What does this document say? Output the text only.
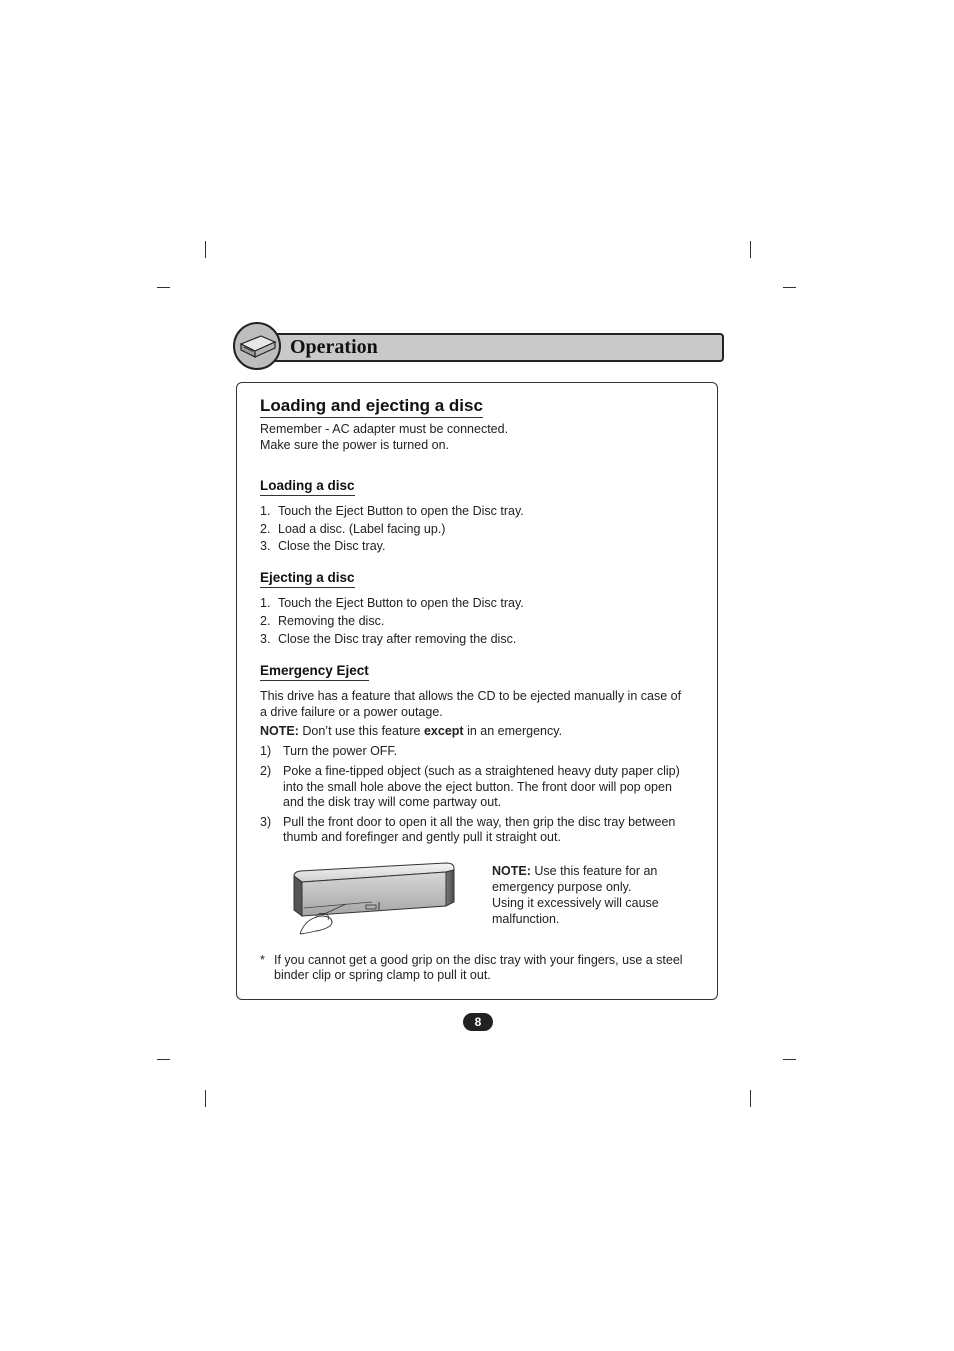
Operation
Loading and ejecting a disc
Remember - AC adapter must be connected.
Make sure the power is turned on.
Loading a disc
1. Touch the Eject Button to open the Disc tray.
2. Load a disc. (Label facing up.)
3. Close the Disc tray.
Ejecting a disc
1. Touch the Eject Button to open the Disc tray.
2. Removing the disc.
3. Close the Disc tray after removing the disc.
Emergency Eject
This drive has a feature that allows the CD to be ejected manually in case of
a drive failure or a power outage.
NOTE: Don’t use this feature except in an emergency.
1) Turn the power OFF.
2) Poke a fine-tipped object (such as a straightened heavy duty paper clip)
into the small hole above the eject button. The front door will pop open
and the disk tray will come partway out.
3) Pull the front door to open it all the way, then grip the disc tray between
thumb and forefinger and gently pull it straight out.
NOTE: Use this feature for an
emergency purpose only.
Using it excessively will cause
malfunction.
* If you cannot get a good grip on the disc tray with your fingers, use a steel
binder clip or spring clamp to pull it out.
8
